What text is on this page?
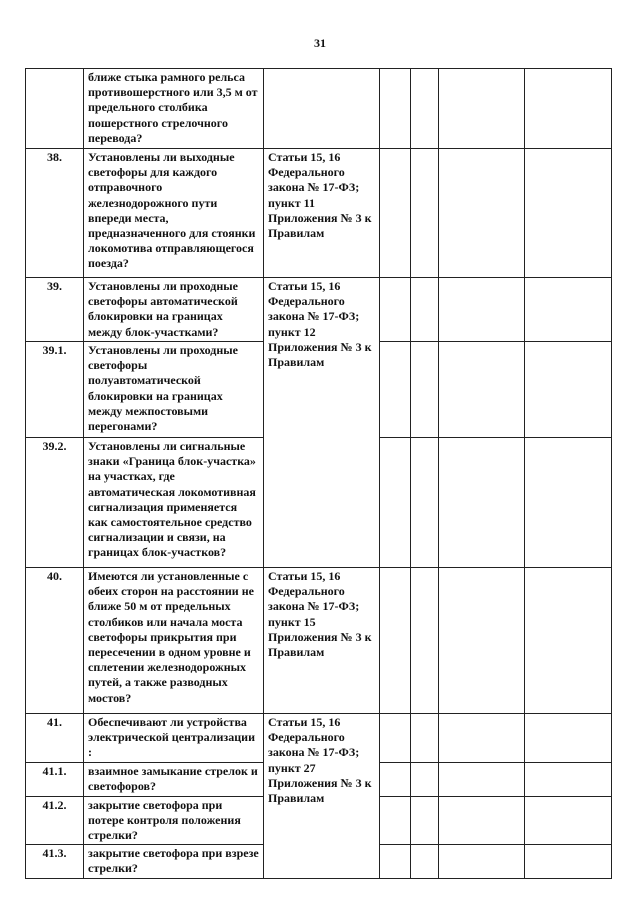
31
	ближе стыка рамного рельса противошерстного или 3,5 м от предельного столбика пошерстного стрелочного перевода?					
38.	Установлены ли выходные светофоры для каждого отправочного железнодорожного пути впереди места, предназначенного для стоянки локомотива отправляющегося поезда?	Статьи 15, 16 Федерального закона № 17-ФЗ; пункт 11 Приложения № 3 к Правилам				
39.	Установлены ли проходные светофоры автоматической блокировки на границах между блок-участками?	Статьи 15, 16 Федерального закона № 17-ФЗ; пункт 12 Приложения № 3 к Правилам				
39.1.	Установлены ли проходные светофоры полуавтоматической блокировки на границах между межпостовыми перегонами?					
39.2.	Установлены ли сигнальные знаки «Граница блок-участка» на участках, где автоматическая локомотивная сигнализация применяется как самостоятельное средство сигнализации и связи, на границах блок-участков?					
40.	Имеются ли установленные с обеих сторон на расстоянии не ближе 50 м от предельных столбиков или начала моста светофоры прикрытия при пересечении в одном уровне и сплетении железнодорожных путей, а также разводных мостов?	Статьи 15, 16 Федерального закона № 17-ФЗ; пункт 15 Приложения № 3 к Правилам				
41.	Обеспечивают ли устройства электрической централизации :	Статьи 15, 16 Федерального закона № 17-ФЗ; пункт 27 Приложения № 3 к Правилам				
41.1.	взаимное замыкание стрелок и светофоров?					
41.2.	закрытие светофора при потере контроля положения стрелки?					
41.3.	закрытие светофора при взрезе стрелки?					
